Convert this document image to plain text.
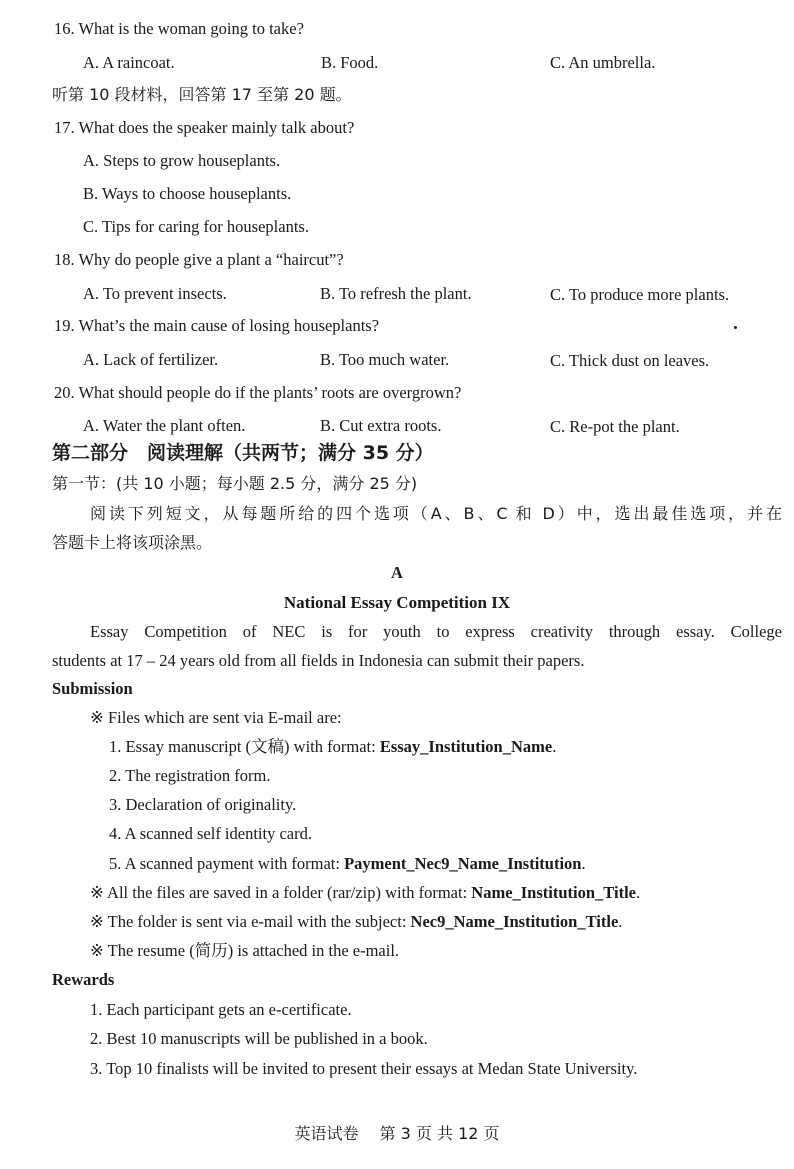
16. What is the woman going to take?
A. A raincoat.	B. Food.	C. An umbrella.
听第 10 段材料，回答第 17 至第 20 题。
17. What does the speaker mainly talk about?
A. Steps to grow houseplants.
B. Ways to choose houseplants.
C. Tips for caring for houseplants.
18. Why do people give a plant a “haircut”?
A. To prevent insects.	B. To refresh the plant.	C. To produce more plants.
19. What’s the main cause of losing houseplants?
A. Lack of fertilizer.	B. Too much water.	C. Thick dust on leaves.
20. What should people do if the plants’ roots are overgrown?
A. Water the plant often.	B. Cut extra roots.	C. Re-pot the plant.
第二部分　阅读理解（共两节；满分 35 分）
第一节：(共 10 小题；每小题 2.5 分，满分 25 分)
阅读下列短文，从每题所给的四个选项（A、B、C 和 D）中，选出最佳选项，并在
答题卡上将该项涂黑。
A
National Essay Competition IX
Essay Competition of NEC is for youth to express creativity through essay. College
students at 17 – 24 years old from all fields in Indonesia can submit their papers.
Submission
※ Files which are sent via E-mail are:
1. Essay manuscript (文稿) with format: Essay_Institution_Name.
2. The registration form.
3. Declaration of originality.
4. A scanned self identity card.
5. A scanned payment with format: Payment_Nec9_Name_Institution.
※ All the files are saved in a folder (rar/zip) with format: Name_Institution_Title.
※ The folder is sent via e-mail with the subject: Nec9_Name_Institution_Title.
※ The resume (简历) is attached in the e-mail.
Rewards
1. Each participant gets an e-certificate.
2. Best 10 manuscripts will be published in a book.
3. Top 10 finalists will be invited to present their essays at Medan State University.
英语试卷　 第 3 页 共 12 页
